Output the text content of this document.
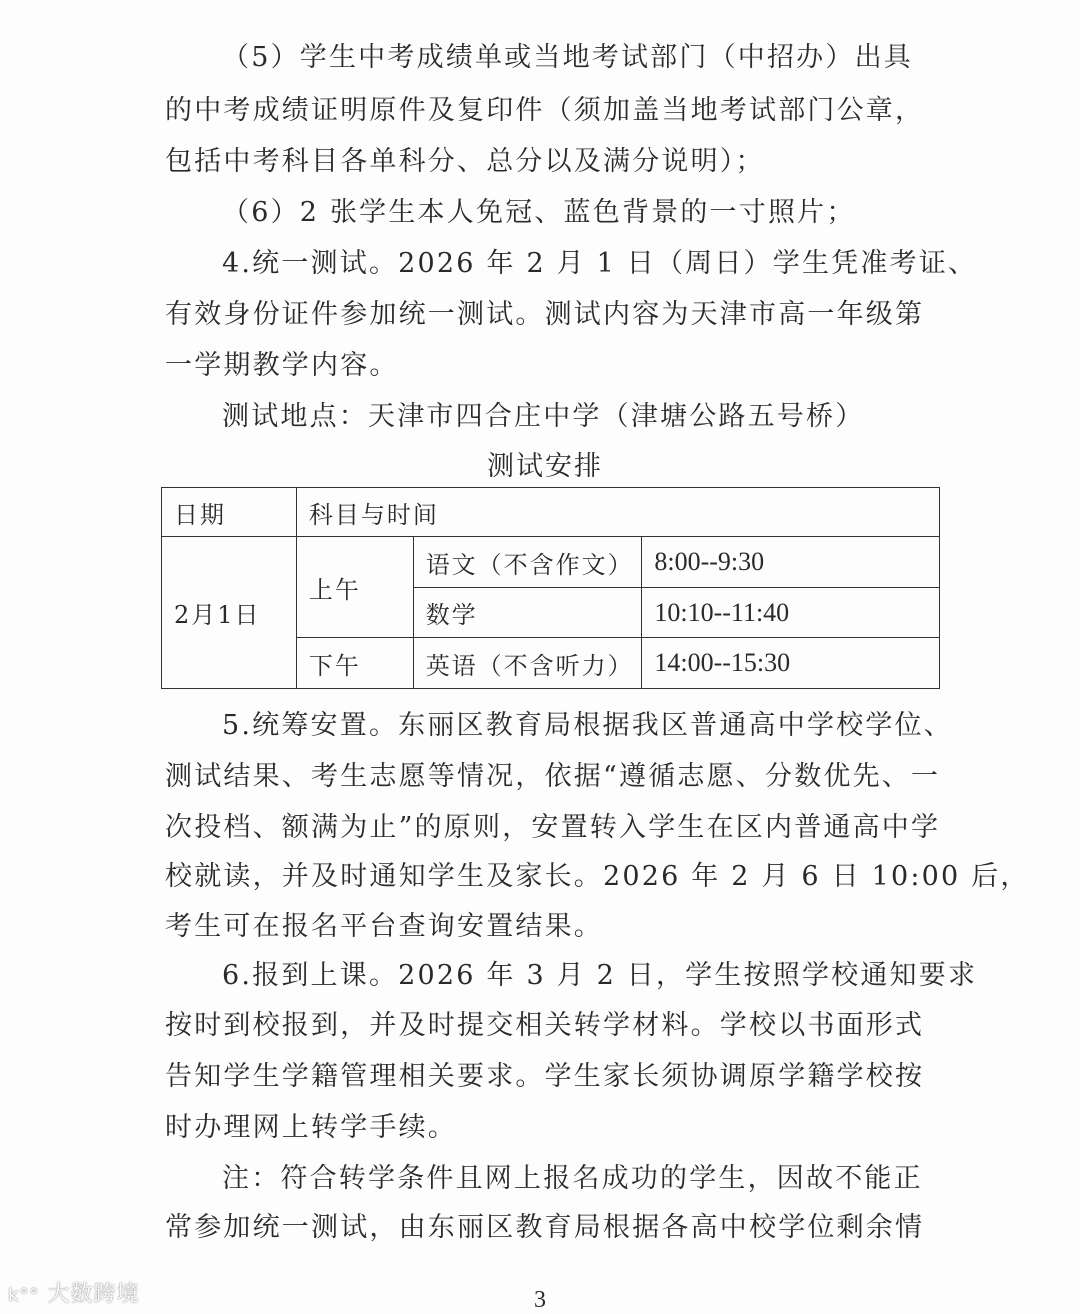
（5）学生中考成绩单或当地考试部门（中招办）出具
的中考成绩证明原件及复印件（须加盖当地考试部门公章，
包括中考科目各单科分、总分以及满分说明）；
（6）2 张学生本人免冠、蓝色背景的一寸照片；
4.统一测试。2026 年 2 月 1 日（周日）学生凭准考证、
有效身份证件参加统一测试。测试内容为天津市高一年级第
一学期教学内容。
测试地点：天津市四合庄中学（津塘公路五号桥）
测试安排
日期	科目与时间		
2月1日	上午	语文（不含作文）	8:00--9:30
		数学	10:10--11:40
	下午	英语（不含听力）	14:00--15:30
5.统筹安置。东丽区教育局根据我区普通高中学校学位、
测试结果、考生志愿等情况，依据“遵循志愿、分数优先、一
次投档、额满为止”的原则，安置转入学生在区内普通高中学
校就读，并及时通知学生及家长。2026 年 2 月 6 日 10:00 后，
考生可在报名平台查询安置结果。
6.报到上课。2026 年 3 月 2 日，学生按照学校通知要求
按时到校报到，并及时提交相关转学材料。学校以书面形式
告知学生学籍管理相关要求。学生家长须协调原学籍学校按
时办理网上转学手续。
注：符合转学条件且网上报名成功的学生，因故不能正
常参加统一测试，由东丽区教育局根据各高中校学位剩余情
3
k°° 大数跨境
